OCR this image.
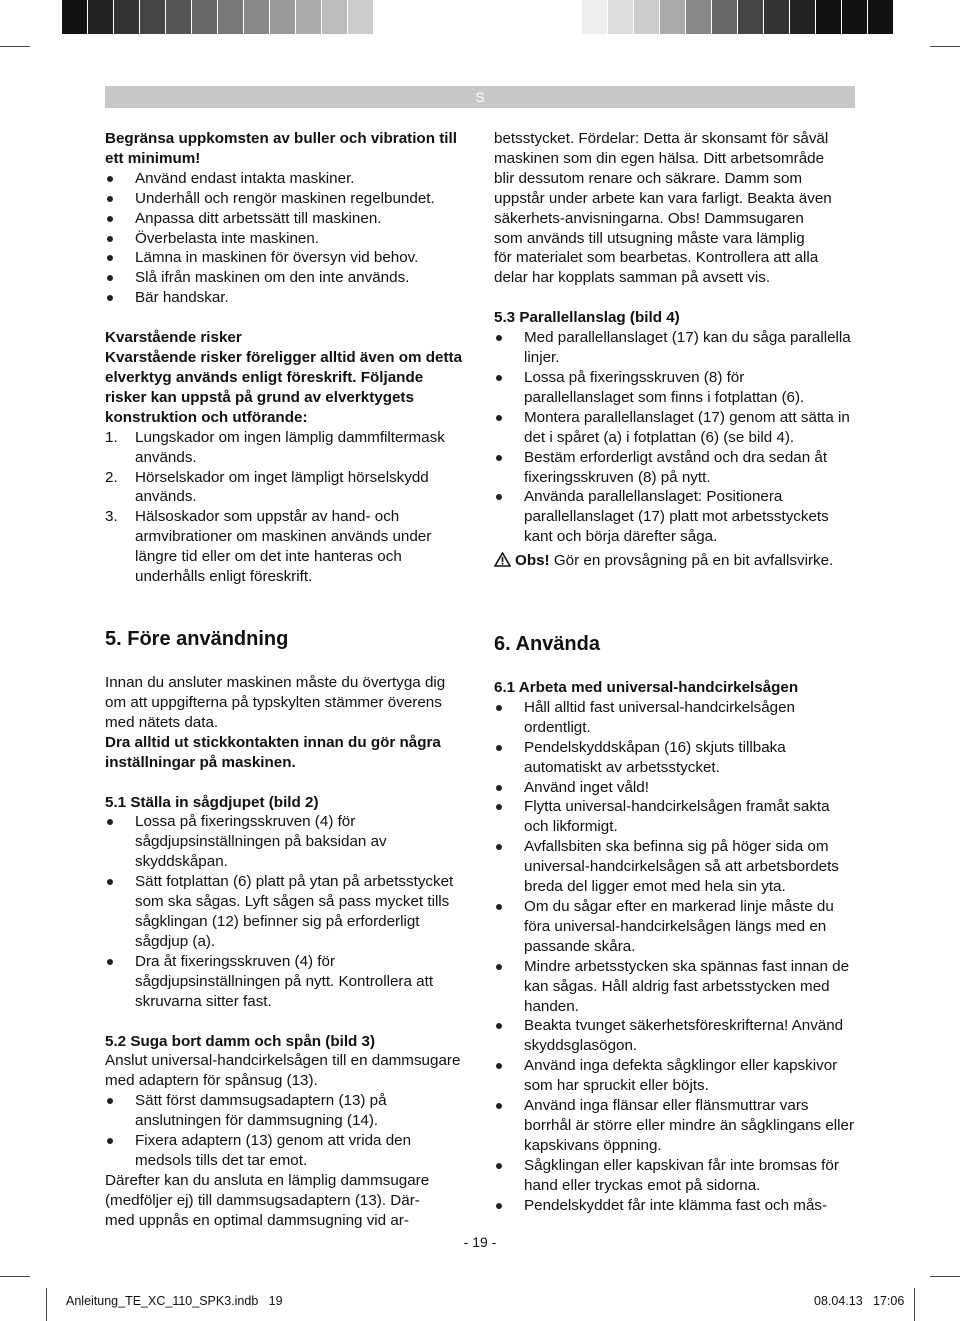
S

Begränsa uppkomsten av buller och vibration till ett minimum!

Använd endast intakta maskiner.
Underhåll och rengör maskinen regelbundet.
Anpassa ditt arbetssätt till maskinen.
Överbelasta inte maskinen.
Lämna in maskinen för översyn vid behov.
Slå ifrån maskinen om den inte används.
Bär handskar.

Kvarstående risker

Kvarstående risker föreligger alltid även om detta elverktyg används enligt föreskrift. Följande risker kan uppstå på grund av elverktygets konstruktion och utförande:

1. Lungskador om ingen lämplig dammfiltermask används.
2. Hörselskador om inget lämpligt hörselskydd används.
3. Hälsoskador som uppstår av hand- och armvibrationer om maskinen används under längre tid eller om det inte hanteras och underhålls enligt föreskrift.

5. Före användning

Innan du ansluter maskinen måste du övertyga dig om att uppgifterna på typskylten stämmer överens med nätets data.

Dra alltid ut stickkontakten innan du gör några inställningar på maskinen.

5.1 Ställa in sågdjupet (bild 2)

Lossa på fixeringsskruven (4) för sågdjupsinställningen på baksidan av skyddskåpan.
Sätt fotplattan (6) platt på ytan på arbetsstycket som ska sågas. Lyft sågen så pass mycket tills sågklingan (12) befinner sig på erforderligt sågdjup (a).
Dra åt fixeringsskruven (4) för sågdjupsinställningen på nytt. Kontrollera att skruvarna sitter fast.

5.2 Suga bort damm och spån (bild 3)

Anslut universal-handcirkelsågen till en dammsugare med adaptern för spånsug (13).

Sätt först dammsugsadaptern (13) på anslutningen för dammsugning (14).
Fixera adaptern (13) genom att vrida den medsols tills det tar emot.

Därefter kan du ansluta en lämplig dammsugare

(medföljer ej) till dammsugsadaptern (13). Där-

med uppnås en optimal dammsugning vid ar-

betsstycket. Fördelar: Detta är skonsamt för såväl

maskinen som din egen hälsa. Ditt arbetsområde

blir dessutom renare och säkrare. Damm som

uppstår under arbete kan vara farligt. Beakta även

säkerhets-anvisningarna. Obs! Dammsugaren

som används till utsugning måste vara lämplig

för materialet som bearbetas. Kontrollera att alla

delar har kopplats samman på avsett vis.

5.3 Parallellanslag (bild 4)

Med parallellanslaget (17) kan du såga parallella linjer.
Lossa på fixeringsskruven (8) för parallellanslaget som finns i fotplattan (6).
Montera parallellanslaget (17) genom att sätta in det i spåret (a) i fotplattan (6) (se bild 4).
Bestäm erforderligt avstånd och dra sedan åt fixeringsskruven (8) på nytt.
Använda parallellanslaget: Positionera parallellanslaget (17) platt mot arbetsstyckets kant och börja därefter såga.

Obs! Gör en provsågning på en bit avfallsvirke.

6. Använda

6.1 Arbeta med universal-handcirkelsågen

Håll alltid fast universal-handcirkelsågen ordentligt.
Pendelskyddskåpan (16) skjuts tillbaka automatiskt av arbetsstycket.
Använd inget våld!
Flytta universal-handcirkelsågen framåt sakta och likformigt.
Avfallsbiten ska befinna sig på höger sida om universal-handcirkelsågen så att arbetsbordets breda del ligger emot med hela sin yta.
Om du sågar efter en markerad linje måste du föra universal-handcirkelsågen längs med en passande skåra.
Mindre arbetsstycken ska spännas fast innan de kan sågas. Håll aldrig fast arbetsstycken med handen.
Beakta tvunget säkerhetsföreskrifterna! Använd skyddsglasögon.
Använd inga defekta sågklingor eller kapskivor som har spruckit eller böjts.
Använd inga flänsar eller flänsmuttrar vars borrhål är större eller mindre än sågklingans eller kapskivans öppning.
Sågklingan eller kapskivan får inte bromsas för hand eller tryckas emot på sidorna.
Pendelskyddet får inte klämma fast och mås-
- 19 -
Anleitung_TE_XC_110_SPK3.indb   19	08.04.13 17:06
